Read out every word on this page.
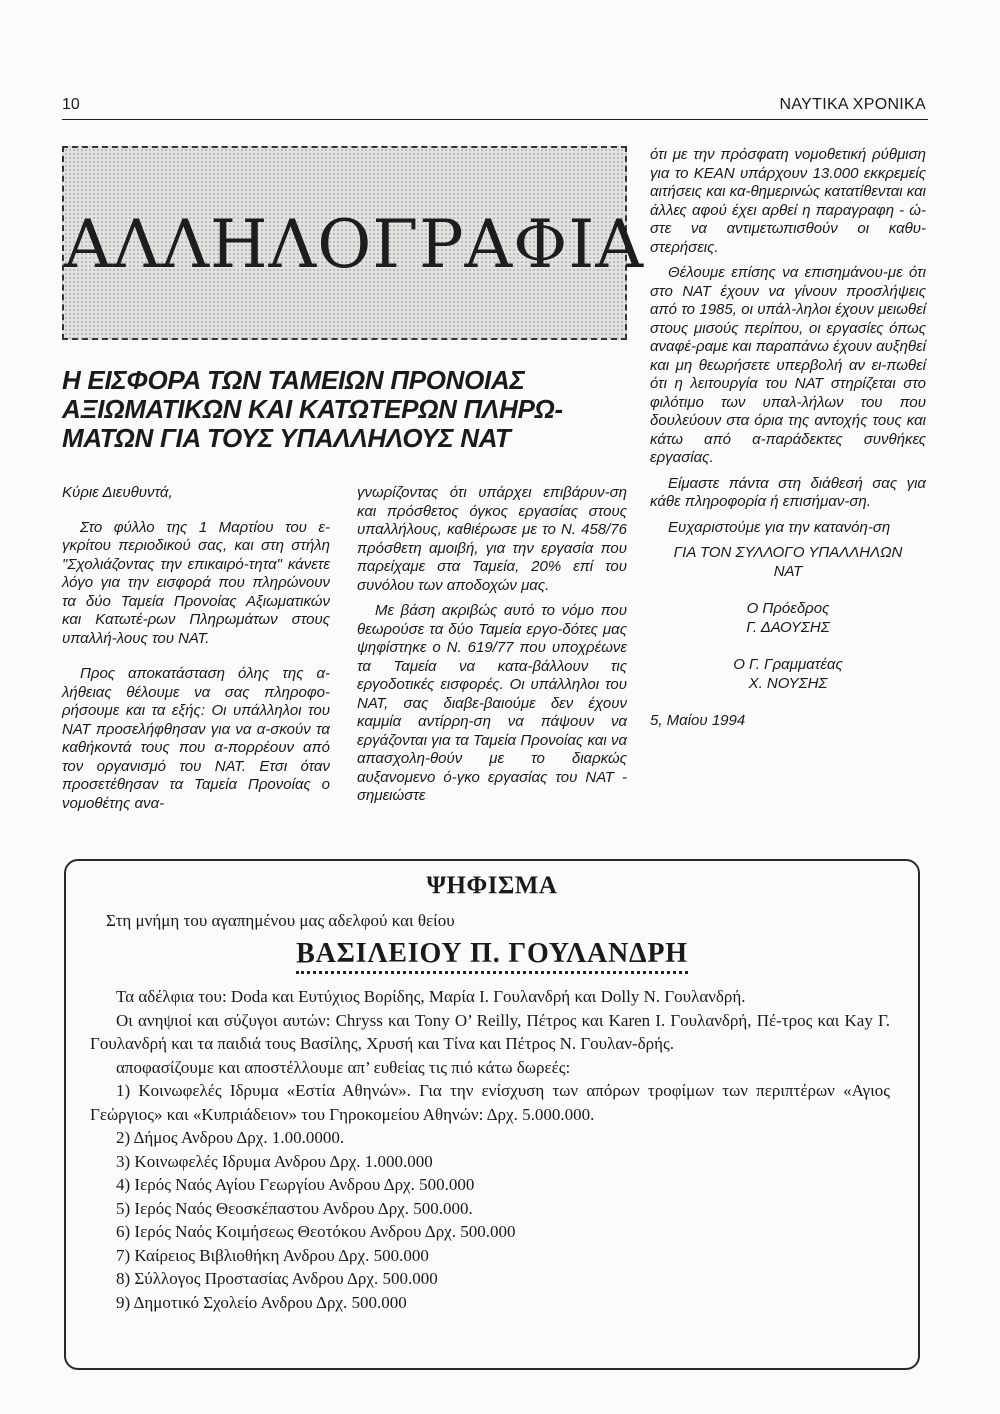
10	ΝΑΥΤΙΚΑ ΧΡΟΝΙΚΑ
ΑΛΛΗΛΟΓΡΑΦΙΑ
Η ΕΙΣΦΟΡΑ ΤΩΝ ΤΑΜΕΙΩΝ ΠΡΟΝΟΙΑΣ ΑΞΙΩΜΑΤΙΚΩΝ ΚΑΙ ΚΑΤΩΤΕΡΩΝ ΠΛΗΡΩ-ΜΑΤΩΝ ΓΙΑ ΤΟΥΣ ΥΠΑΛΛΗΛΟΥΣ ΝΑΤ

Κύριε Διευθυντά,

Στο φύλλο της 1 Μαρτίου του ε-γκρίτου περιοδικού σας, και στη στήλη "Σχολιάζοντας την επικαιρό-τητα" κάνετε λόγο για την εισφορά που πληρώνουν τα δύο Ταμεία Προνοίας Αξιωματικών και Κατωτέ-ρων Πληρωμάτων στους υπαλλή-λους του ΝΑΤ.

Προς αποκατάσταση όλης της α-λήθειας θέλουμε να σας πληροφο-ρήσουμε και τα εξής: Οι υπάλληλοι του ΝΑΤ προσελήφθησαν για να α-σκούν τα καθήκοντά τους που α-πορρέουν από τον οργανισμό του ΝΑΤ. Ετσι όταν προσετέθησαν τα Ταμεία Προνοίας ο νομοθέτης ανα-

γνωρίζοντας ότι υπάρχει επιβάρυν-ση και πρόσθετος όγκος εργασίας στους υπαλλήλους, καθιέρωσε με το Ν. 458/76 πρόσθετη αμοιβή, για την εργασία που παρείχαμε στα Ταμεία, 20% επί του συνόλου των αποδοχών μας.

Με βάση ακριβώς αυτό το νόμο που θεωρούσε τα δύο Ταμεία εργο-δότες μας ψηφίστηκε ο Ν. 619/77 που υποχρέωνε τα Ταμεία να κατα-βάλλουν τις εργοδοτικές εισφορές. Οι υπάλληλοι του ΝΑΤ, σας διαβε-βαιούμε δεν έχουν καμμία αντίρρη-ση να πάψουν να εργάζονται για τα Ταμεία Προνοίας και να απασχολη-θούν με το διαρκώς αυξανομενο ό-γκο εργασίας του ΝΑΤ - σημειώστε

ότι με την πρόσφατη νομοθετική ρύθμιση για το ΚΕΑΝ υπάρχουν 13.000 εκκρεμείς αιτήσεις και κα-θημερινώς κατατίθενται και άλλες αφού έχει αρθεί η παραγραφη - ώ-στε να αντιμετωπισθούν οι καθυ-στερήσεις.

Θέλουμε επίσης να επισημάνου-με ότι στο ΝΑΤ έχουν να γίνουν προσλήψεις από το 1985, οι υπάλ-ληλοι έχουν μειωθεί στους μισούς περίπου, οι εργασίες όπως αναφέ-ραμε και παραπάνω έχουν αυξηθεί και μη θεωρήσετε υπερβολή αν ει-πωθεί ότι η λειτουργία του ΝΑΤ στηρίζεται στο φιλότιμο των υπαλ-λήλων του που δουλεύουν στα όρια της αντοχής τους και κάτω από α-παράδεκτες συνθήκες εργασίας.

Είμαστε πάντα στη διάθεσή σας για κάθε πληροφορία ή επισήμαν-ση.

Ευχαριστούμε για την κατανόη-ση

ΓΙΑ ΤΟΝ ΣΥΛΛΟΓΟ ΥΠΑΛΛΗΛΩΝ

ΝΑΤ

Ο Πρόεδρος

Γ. ΔΑΟΥΣΗΣ

Ο Γ. Γραμματέας

Χ. ΝΟΥΣΗΣ

5, Μαίου 1994

ΨΗΦΙΣΜΑ
Στη μνήμη του αγαπημένου μας αδελφού και θείου
ΒΑΣΙΛΕΙΟΥ Π. ΓΟΥΛΑΝΔΡΗ

Τα αδέλφια του: Doda και Ευτύχιος Βορίδης, Μαρία Ι. Γουλανδρή και Dolly Ν. Γουλανδρή.

Οι ανηψιοί και σύζυγοι αυτών: Chryss και Tony O’ Reilly, Πέτρος και Karen Ι. Γουλανδρή, Πέ-τρος και Kay Γ. Γουλανδρή και τα παιδιά τους Βασίλης, Χρυσή και Τίνα και Πέτρος Ν. Γουλαν-δρής.

αποφασίζουμε και αποστέλλουμε απ’ ευθείας τις πιό κάτω δωρεές:

1) Κοινωφελές Ιδρυμα «Εστία Αθηνών». Για την ενίσχυση των απόρων τροφίμων των περιπτέρων «Αγιος Γεώργιος» και «Κυπριάδειον» του Γηροκομείου Αθηνών: Δρχ. 5.000.000.

2) Δήμος Ανδρου Δρχ. 1.00.0000.

3) Κοινωφελές Ιδρυμα Ανδρου Δρχ. 1.000.000

4) Ιερός Ναός Αγίου Γεωργίου Ανδρου Δρχ. 500.000

5) Ιερός Ναός Θεοσκέπαστου Ανδρου Δρχ. 500.000.

6) Ιερός Ναός Κοιμήσεως Θεοτόκου Ανδρου Δρχ. 500.000

7) Καίρειος Βιβλιοθήκη Ανδρου Δρχ. 500.000

8) Σύλλογος Προστασίας Ανδρου Δρχ. 500.000

9) Δημοτικό Σχολείο Ανδρου Δρχ. 500.000
